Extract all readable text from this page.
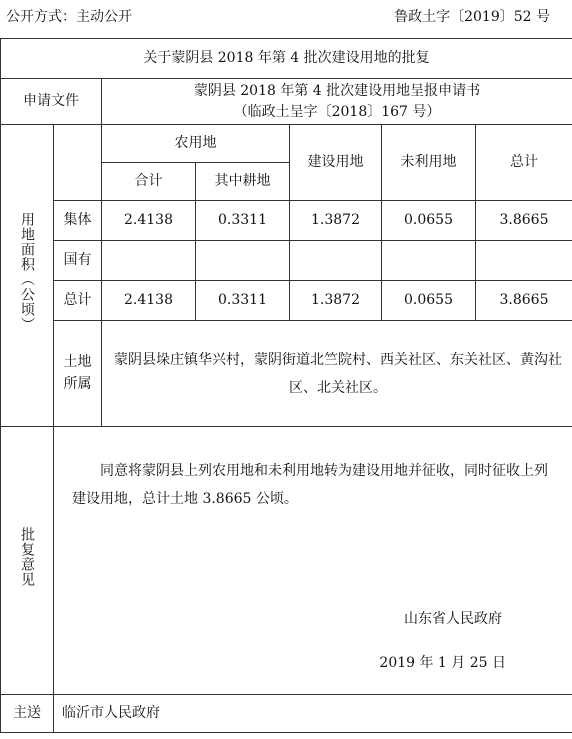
公开方式：主动公开	鲁政土字〔2019〕52 号
关于蒙阴县 2018 年第 4 批次建设用地的批复						
申请文件		蒙阴县 2018 年第 4 批次建设用地呈报申请书
（临政土呈字〔2018〕167 号）				

用地面积（公顷）		农用地		建设用地	未利用地	总计
		合计	其中耕地			
	集体	2.4138	0.3311	1.3872	0.0655	3.8665
	国有					
	总计	2.4138	0.3311	1.3872	0.0655	3.8665

	土地
所属	蒙阴县垛庄镇华兴村，蒙阴街道北竺院村、西关社区、东关社区、黄沟社区、北关社区。				
批复意见	同意将蒙阴县上列农用地和未利用地转为建设用地并征收，同时征收上列建设用地，总计土地 3.8665 公顷。
山东省人民政府
2019 年 1 月 25 日					

主送	临沂市人民政府					
